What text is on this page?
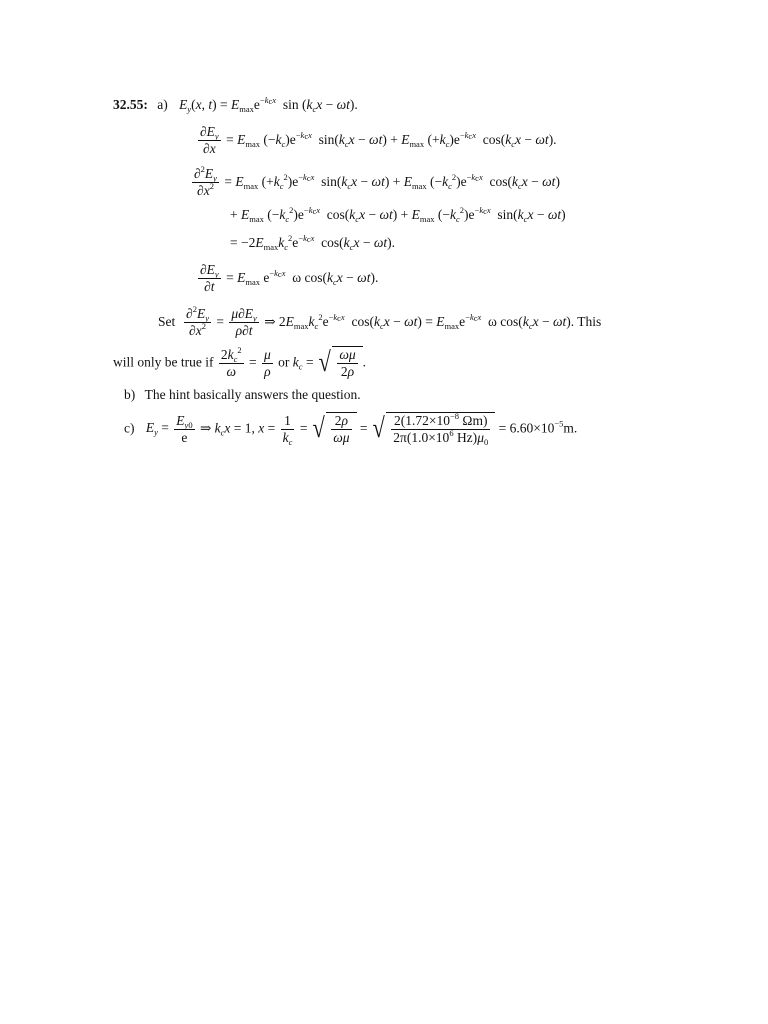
32.55: a) $E_y(x$, $t) = E_{max}e^{-k_cx}$  $\sin (k_cx - \omega t)$.
$\frac{\partial E_y}{\partial x} = E_{max}$ $(-k_c)e^{-k_cx}$  $\sin(k_cx - \omega t) + E_{max}$ $(+k_c)e^{-k_cx}$  $\cos(k_cx - \omega t)$.
$\frac{\partial^2E_y}{\partial x^2} = E_{max}$ $(+k_c^2)e^{-k_cx}$  $\sin(k_cx - \omega t) + E_{max}$ $(-k_c^2)e^{-k_cx}$  $\cos(k_cx - \omega t)$
+ $E_{max}$ $(-k_c^2)e^{-k_cx}$  $\cos(k_cx - \omega t) + E_{max}$ $(-k_c^2)e^{-k_cx}$  $\sin(k_cx - \omega t)$
= $-2E_{max}k_c^2e^{-k_cx}$  $\cos(k_cx - \omega t)$.
$\frac{\partial E_y}{\partial t} = E_{max}$ $e^{-k_cx}$  ω $\cos(k_cx - \omega t)$.
Set $\frac{\partial^2E_y}{\partial x^2} = \frac{\mu\partial E_y}{\rho\partial t}$ ⇒ $2E_{max}k_c^2e^{-k_cx}$  $\cos(k_cx - \omega t) = E_{max}e^{-k_cx}$  ω $\cos(k_cx - \omega t)$. This
will only be true if $\frac{2k_c^2}{\omega} = \frac{\mu}{\rho}$ or $k_c$ = √ $\frac{\omega\mu}{2\rho}$ .
b) The hint basically answers the question.
c) $E_y = \frac{E_{y0}}{e}$ ⇒ $k_cx = 1$, $x = \frac{1}{k_c}$ = √ $\frac{2\rho}{\omega\mu}$ = √ $\frac{2(1.72\times 10^{-8} \Omega m)}{2\pi(1.0\times 10^6 Hz)\mu_0} = 6.60\times 10^{-5}m$.
